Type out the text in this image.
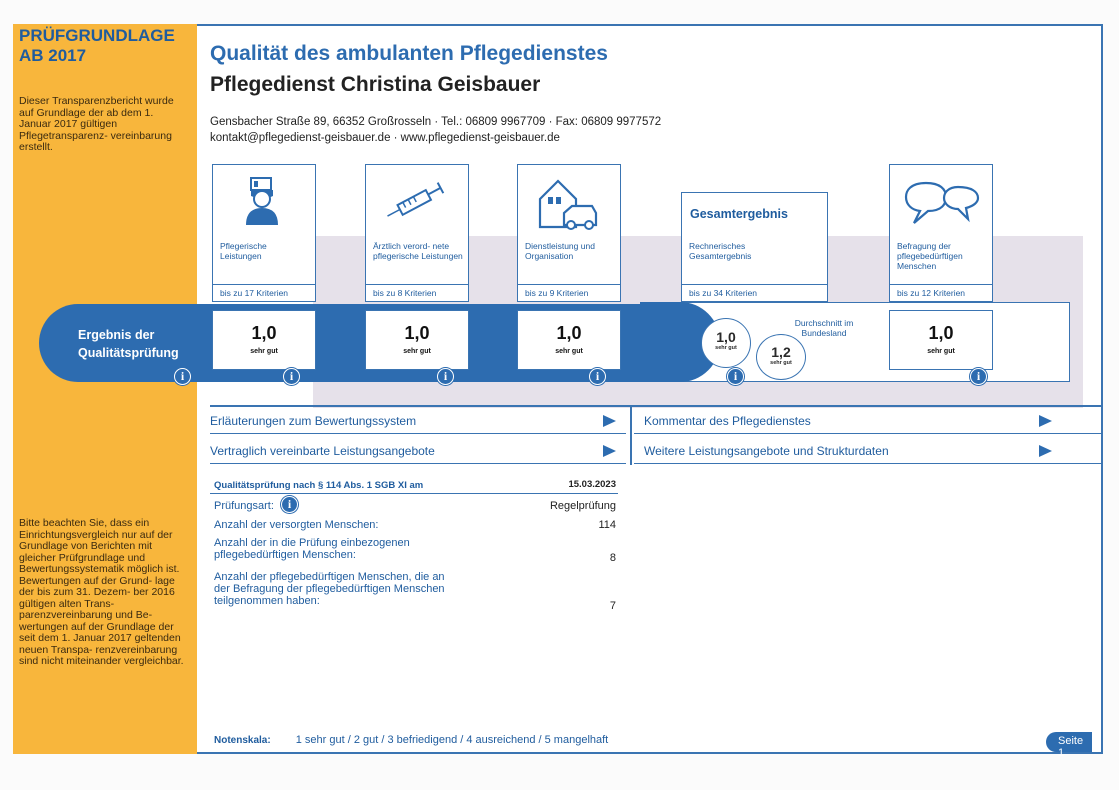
PRÜFGRUNDLAGE
AB 2017
Dieser Transparenzbericht wurde auf Grundlage der ab dem 1. Januar 2017 gültigen Pflegetransparenz- vereinbarung erstellt.
Bitte beachten Sie, dass ein Einrichtungsvergleich nur auf der Grundlage von Berichten mit gleicher Prüfgrundlage und Bewertungssystematik möglich ist. Bewertungen auf der Grund- lage der bis zum 31. Dezem- ber 2016 gültigen alten Trans- parenzvereinbarung und Be- wertungen auf der Grundlage der seit dem 1. Januar 2017 geltenden neuen Transpa- renzvereinbarung sind nicht miteinander vergleichbar.
Qualität des ambulanten Pflegedienstes
Pflegedienst Christina Geisbauer
Gensbacher Straße 89, 66352 Großrosseln · Tel.: 06809 9967709 · Fax: 06809 9977572
kontakt@pflegedienst-geisbauer.de · www.pflegedienst-geisbauer.de
Pflegerische Leistungen
bis zu 17 Kriterien
Ärztlich verord- nete pflegerische Leistungen
bis zu 8 Kriterien
Dienstleistung und Organisation
bis zu 9 Kriterien
Gesamtergebnis
Rechnerisches Gesamtergebnis
bis zu 34 Kriterien
Befragung der pflegebedürftigen Menschen
bis zu 12 Kriterien
Ergebnis der Qualitätsprüfung
1,0
sehr gut
1,0
sehr gut
1,0
sehr gut
1,0
sehr gut
Durchschnitt im Bundesland
1,2
sehr gut
1,0
sehr gut
i	i	i	i	i	i
Erläuterungen zum Bewertungssystem	Kommentar des Pflegedienstes
Vertraglich vereinbarte Leistungsangebote	Weitere Leistungsangebote und Strukturdaten
Qualitätsprüfung nach § 114 Abs. 1 SGB XI am	15.03.2023
Prüfungsart:	i	Regelprüfung
Anzahl der versorgten Menschen:	114
Anzahl der in die Prüfung einbezogenen pflegebedürftigen Menschen:	8
Anzahl der pflegebedürftigen Menschen, die an der Befragung der pflegebedürftigen Menschen teilgenommen haben:	7
Notenskala: 1 sehr gut / 2 gut / 3 befriedigend / 4 ausreichend / 5 mangelhaft	Seite 1
